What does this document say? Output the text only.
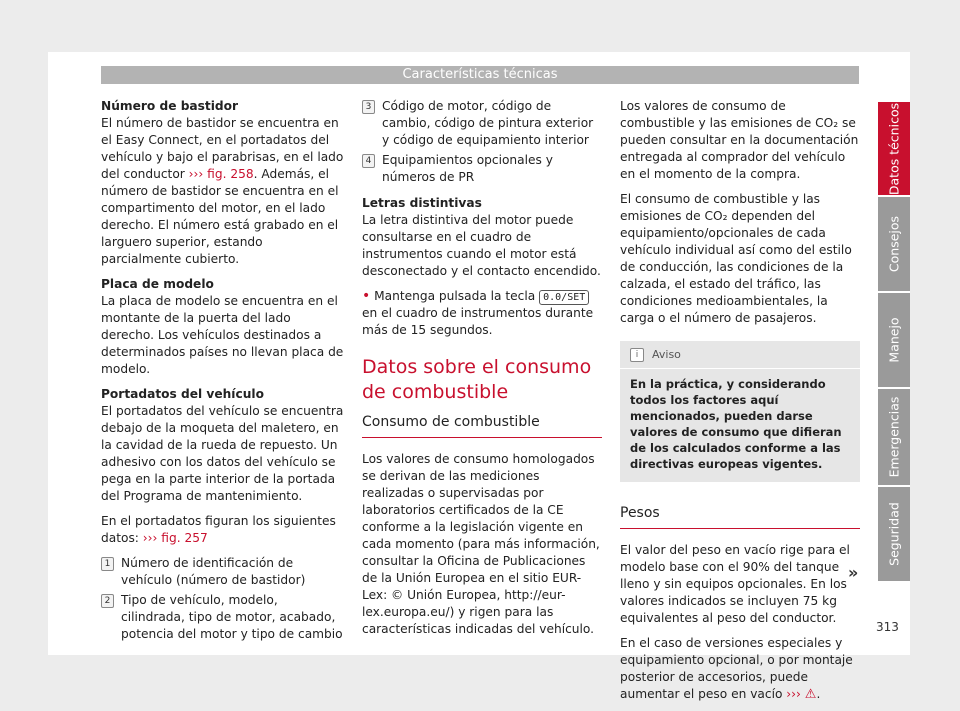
Características técnicas

Número de bastidor

El número de bastidor se encuentra en el Easy Connect, en el portadatos del vehículo y bajo el parabrisas, en el lado del conductor ››› fig. 258. Además, el número de bastidor se encuentra en el compartimento del motor, en el lado derecho. El número está grabado en el larguero superior, estando parcialmente cubierto.

Placa de modelo

La placa de modelo se encuentra en el montante de la puerta del lado derecho. Los vehículos destinados a determinados países no llevan placa de modelo.

Portadatos del vehículo

El portadatos del vehículo se encuentra debajo de la moqueta del maletero, en la cavidad de la rueda de repuesto. Un adhesivo con los datos del vehículo se pega en la parte interior de la portada del Programa de mantenimiento.

En el portadatos figuran los siguientes datos: ››› fig. 257

1 Número de identificación de vehículo (número de bastidor)
2 Tipo de vehículo, modelo, cilindrada, tipo de motor, acabado, potencia del motor y tipo de cambio
3 Código de motor, código de cambio, código de pintura exterior y código de equipamiento interior
4 Equipamientos opcionales y números de PR

Letras distintivas

La letra distintiva del motor puede consultarse en el cuadro de instrumentos cuando el motor está desconectado y el contacto encendido.

• Mantenga pulsada la tecla 0.0/SET en el cuadro de instrumentos durante más de 15 segundos.

Datos sobre el consumo de combustible
Consumo de combustible

Los valores de consumo homologados se derivan de las mediciones realizadas o supervisadas por laboratorios certificados de la CE conforme a la legislación vigente en cada momento (para más información, consultar la Oficina de Publicaciones de la Unión Europea en el sitio EUR-Lex: © Unión Europea, http://eur-lex.europa.eu/) y rigen para las características indicadas del vehículo.

Los valores de consumo de combustible y las emisiones de CO₂ se pueden consultar en la documentación entregada al comprador del vehículo en el momento de la compra.

El consumo de combustible y las emisiones de CO₂ dependen del equipamiento/opcionales de cada vehículo individual así como del estilo de conducción, las condiciones de la calzada, el estado del tráfico, las condiciones medioambientales, la carga o el número de pasajeros.

i Aviso
En la práctica, y considerando todos los factores aquí mencionados, pueden darse valores de consumo que difieran de los calculados conforme a las directivas europeas vigentes.
Pesos

El valor del peso en vacío rige para el modelo base con el 90% del tanque lleno y sin equipos opcionales. En los valores indicados se incluyen 75 kg equivalentes al peso del conductor.

En el caso de versiones especiales y equipamiento opcional, o por montaje posterior de accesorios, puede aumentar el peso en vacío ››› ⚠.

»
Datos técnicos
Consejos
Manejo
Emergencias
Seguridad
313
